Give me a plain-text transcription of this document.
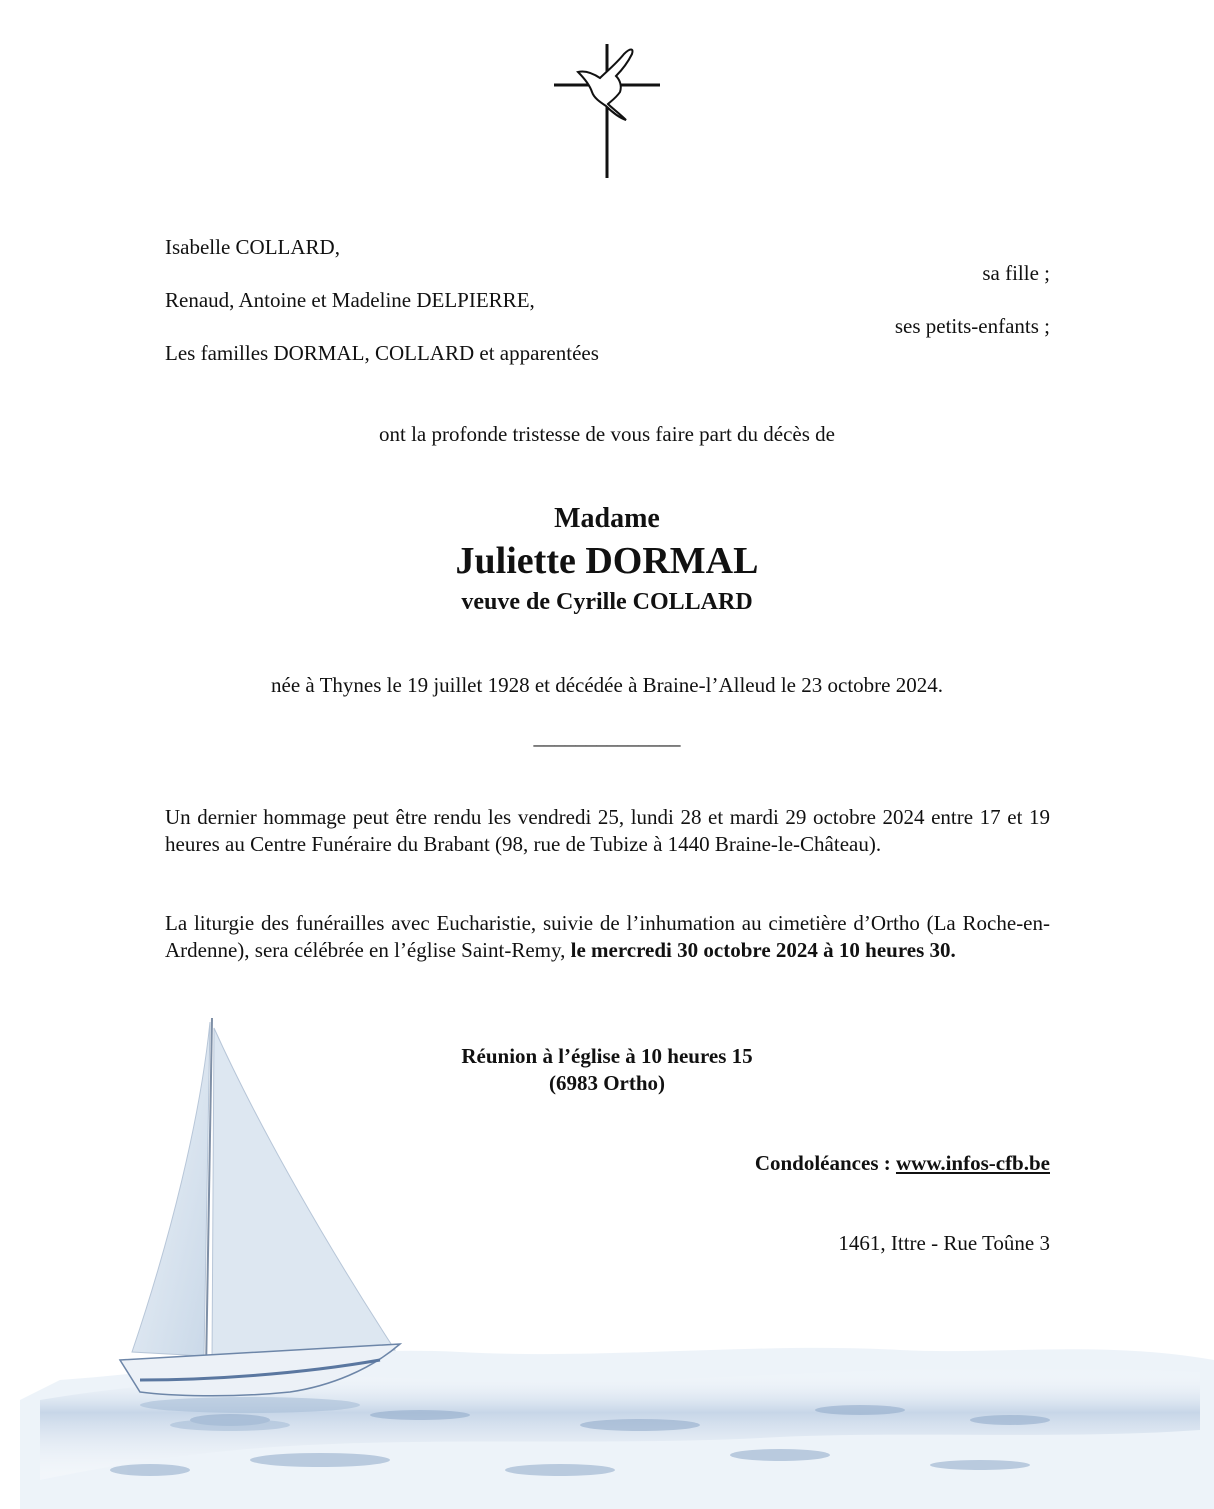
Isabelle COLLARD,
sa fille ;
Renaud, Antoine et Madeline DELPIERRE,
ses petits-enfants ;
Les familles DORMAL, COLLARD et apparentées
ont la profonde tristesse de vous faire part du décès de
Madame
Juliette DORMAL
veuve de Cyrille COLLARD
née à Thynes le 19 juillet 1928 et décédée à Braine-l’Alleud le 23 octobre 2024.
______________
Un dernier hommage peut être rendu les vendredi 25, lundi 28 et mardi 29 octobre 2024 entre 17 et 19 heures au Centre Funéraire du Brabant (98, rue de Tubize à 1440 Braine-le-Château).
La liturgie des funérailles avec Eucharistie, suivie de l’inhumation au cimetière d’Ortho (La Roche-en-Ardenne), sera célébrée en l’église Saint-Remy, le mercredi 30 octobre 2024 à 10 heures 30.
Réunion à l’église à 10 heures 15
(6983 Ortho)
Condoléances : www.infos-cfb.be
1461, Ittre - Rue Toûne 3
